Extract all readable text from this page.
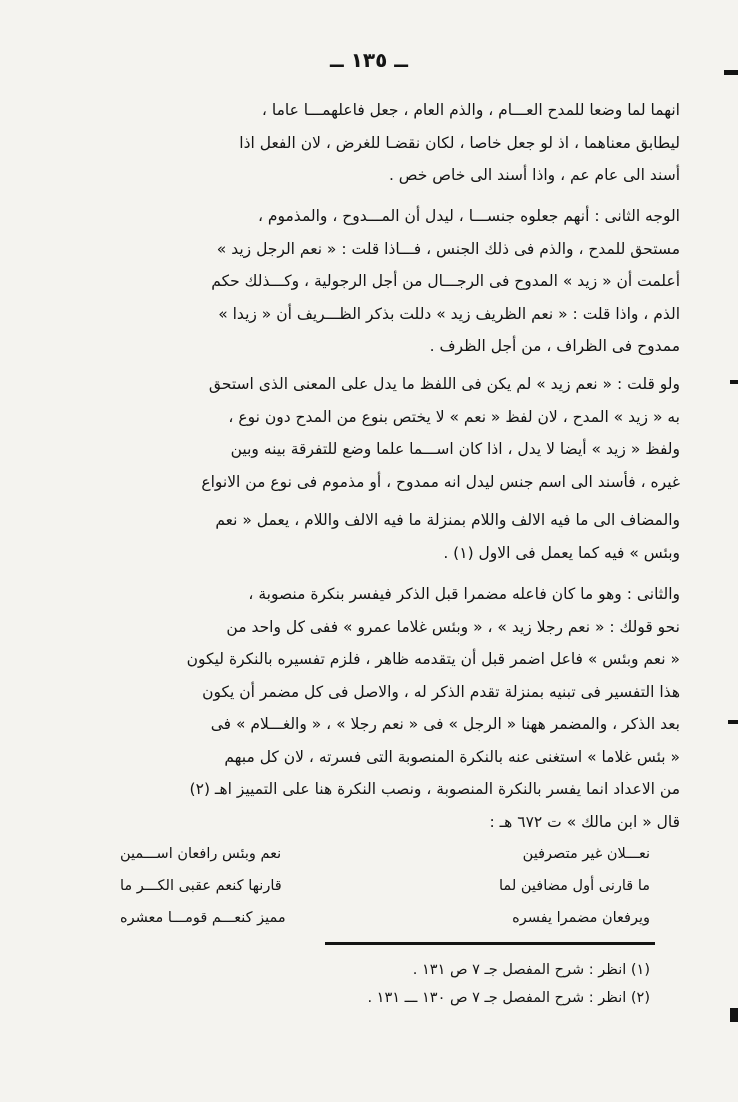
ــ ١٣٥ ــ

انهما لما وضعا للمدح العـــام ، والذم العام ، جعل فاعلهمـــا عاما ،
ليطابق معناهما ، اذ لو جعل خاصا ، لكان نقضـا للغرض ، لان الفعل اذا
أسند الى عام عم ، واذا أسند الى خاص خص .

الوجه الثانى : أنهم جعلوه جنســـا ، ليدل أن المـــدوح ، والمذموم ،
مستحق للمدح ، والذم فى ذلك الجنس ، فـــاذا قلت : « نعم الرجل زيد »
أعلمت أن « زيد » المدوح فى الرجـــال من أجل الرجولية ، وكـــذلك حكم
الذم ، واذا قلت : « نعم الظريف زيد » دللت بذكر الظـــريف أن « زيدا »
ممدوح فى الظراف ، من أجل الظرف .

ولو قلت : « نعم زيد » لم يكن فى اللفظ ما يدل على المعنى الذى استحق
به « زيد » المدح ، لان لفظ « نعم » لا يختص بنوع من المدح دون نوع ،
ولفظ « زيد » أيضا لا يدل ، اذا كان اســـما علما وضع للتفرقة بينه وبين
غيره ، فأسند الى اسم جنس ليدل انه ممدوح ، أو مذموم فى نوع من الانواع

والمضاف الى ما فيه الالف واللام بمنزلة ما فيه الالف واللام ، يعمل « نعم
وبئس » فيه كما يعمل فى الاول (١) .

والثانى : وهو ما كان فاعله مضمرا قبل الذكر فيفسر بنكرة منصوبة ،
نحو قولك : « نعم رجلا زيد » ، « وبئس غلاما عمرو » ففى كل واحد من
« نعم وبئس » فاعل اضمر قبل أن يتقدمه ظاهر ، فلزم تفسيره بالنكرة ليكون
هذا التفسير فى تبنيه بمنزلة تقدم الذكر له ، والاصل فى كل مضمر أن يكون
بعد الذكر ، والمضمر ههنا « الرجل » فى « نعم رجلا » ، « والغـــلام » فى
« بئس غلاما » استغنى عنه بالنكرة المنصوبة التى فسرته ، لان كل مبهم
من الاعداد انما يفسر بالنكرة المنصوبة ، ونصب النكرة هنا على التمييز اهـ (٢)
قال « ابن مالك » ت ٦٧٢ هـ :

نعـــلان غير متصرفين
نعم وبئس رافعان اســـمين
ما قارنى أول مضافين لما
قارنها كنعم عقبى الكـــر ما
ويرفعان مضمرا يفسره
مميز كنعـــم قومـــا معشره
(١) انظر : شرح المفصل جـ ٧ ص ١٣١ .
(٢) انظر : شرح المفصل جـ ٧ ص ١٣٠ ـــ ١٣١ .
